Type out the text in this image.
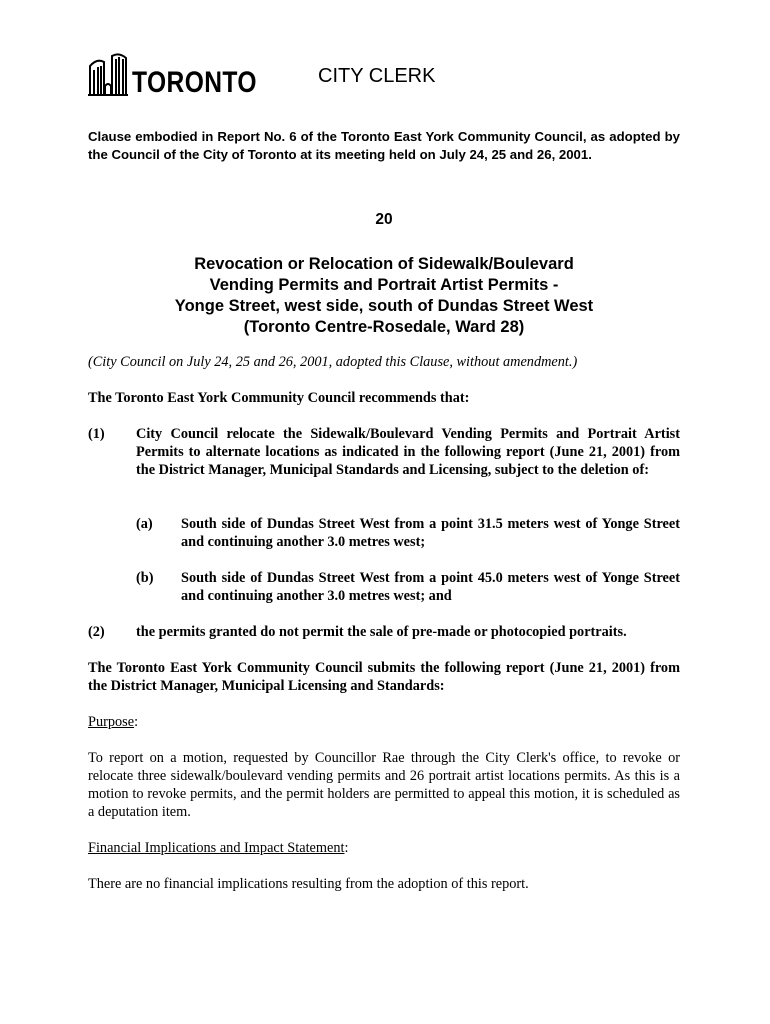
TORONTO	CITY CLERK

Clause embodied in Report No. 6 of the Toronto East York Community Council, as adopted by the Council of the City of Toronto at its meeting held on July 24, 25 and 26, 2001.

20
Revocation or Relocation of Sidewalk/Boulevard
Vending Permits and Portrait Artist Permits -
Yonge Street, west side, south of Dundas Street West
(Toronto Centre-Rosedale, Ward 28)

(City Council on July 24, 25 and 26, 2001, adopted this Clause, without amendment.)

The Toronto East York Community Council recommends that:

(1) City Council relocate the Sidewalk/Boulevard Vending Permits and Portrait Artist Permits to alternate locations as indicated in the following report (June 21, 2001) from the District Manager, Municipal Standards and Licensing, subject to the deletion of:
(a) South side of Dundas Street West from a point 31.5 meters west of Yonge Street and continuing another 3.0 metres west;
(b) South side of Dundas Street West from a point 45.0 meters west of Yonge Street and continuing another 3.0 metres west; and
(2) the permits granted do not permit the sale of pre-made or photocopied portraits.

The Toronto East York Community Council submits the following report (June 21, 2001) from the District Manager, Municipal Licensing and Standards:

Purpose:

To report on a motion, requested by Councillor Rae through the City Clerk's office, to revoke or relocate three sidewalk/boulevard vending permits and 26 portrait artist locations permits. As this is a motion to revoke permits, and the permit holders are permitted to appeal this motion, it is scheduled as a deputation item.

Financial Implications and Impact Statement:

There are no financial implications resulting from the adoption of this report.
